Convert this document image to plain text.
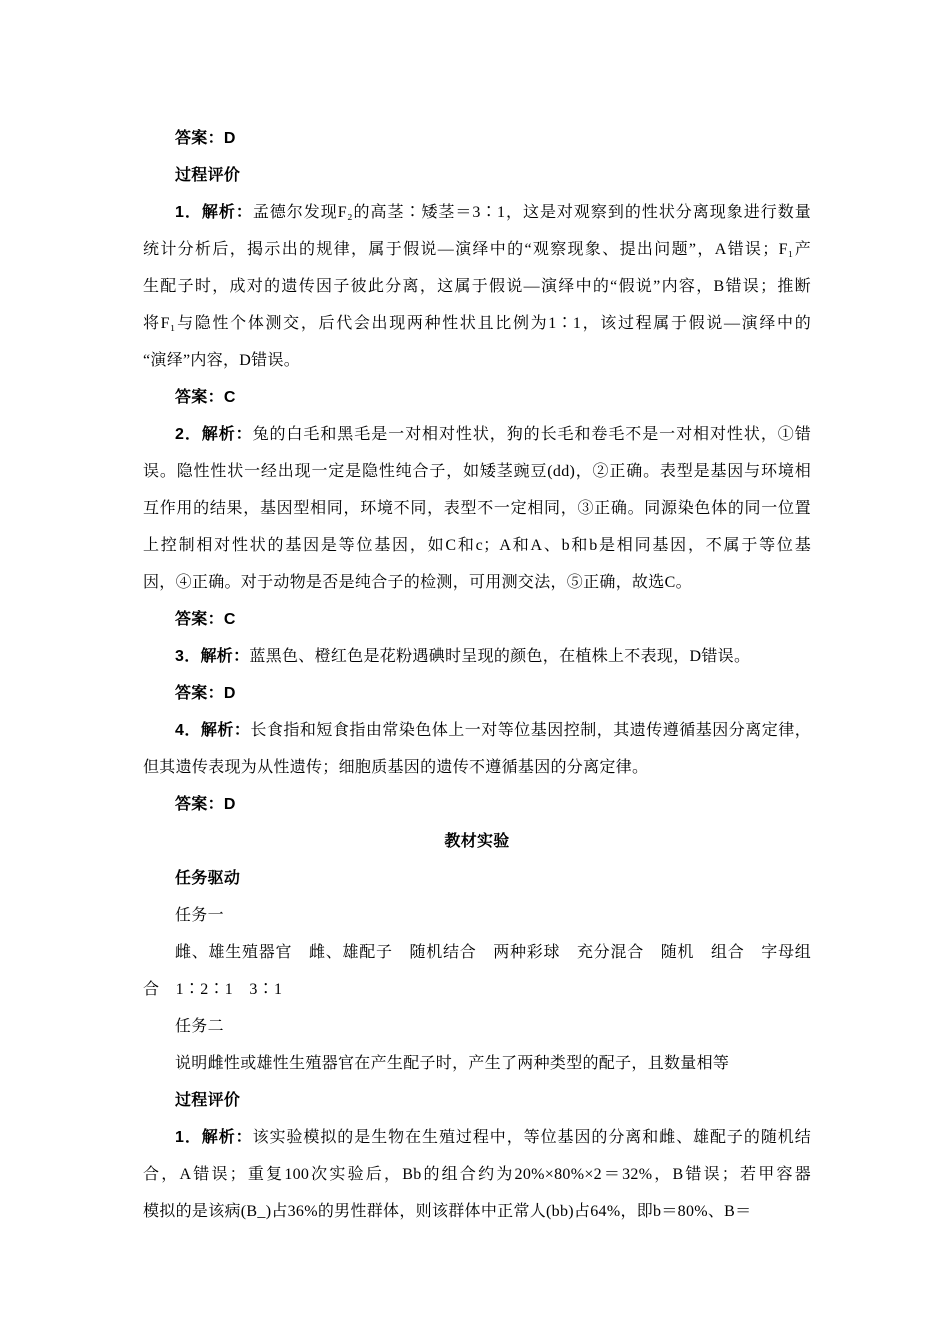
答案：D
过程评价
1．解析：孟德尔发现F₂的高茎∶矮茎＝3∶1，这是对观察到的性状分离现象进行数量
统计分析后，揭示出的规律，属于假说—演绎中的“观察现象、提出问题”，A错误；F₁产
生配子时，成对的遗传因子彼此分离，这属于假说—演绎中的“假说”内容，B错误；推断
将F₁与隐性个体测交，后代会出现两种性状且比例为1∶1，该过程属于假说—演绎中的
“演绎”内容，D错误。
答案：C
2．解析：兔的白毛和黑毛是一对相对性状，狗的长毛和卷毛不是一对相对性状，①错
误。隐性性状一经出现一定是隐性纯合子，如矮茎豌豆(dd)，②正确。表型是基因与环境相
互作用的结果，基因型相同，环境不同，表型不一定相同，③正确。同源染色体的同一位置
上控制相对性状的基因是等位基因，如C和c；A和A、b和b是相同基因，不属于等位基
因，④正确。对于动物是否是纯合子的检测，可用测交法，⑤正确，故选C。
答案：C
3．解析：蓝黑色、橙红色是花粉遇碘时呈现的颜色，在植株上不表现，D错误。
答案：D
4．解析：长食指和短食指由常染色体上一对等位基因控制，其遗传遵循基因分离定律，
但其遗传表现为从性遗传；细胞质基因的遗传不遵循基因的分离定律。
答案：D
教材实验
任务驱动
任务一
雌、雄生殖器官　雌、雄配子　随机结合　两种彩球　充分混合　随机　组合　字母组
合　1∶2∶1　3∶1
任务二
说明雌性或雄性生殖器官在产生配子时，产生了两种类型的配子，且数量相等
过程评价
1．解析：该实验模拟的是生物在生殖过程中，等位基因的分离和雌、雄配子的随机结
合，A错误；重复100次实验后，Bb的组合约为20%×80%×2＝32%，B错误；若甲容器
模拟的是该病(B_)占36%的男性群体，则该群体中正常人(bb)占64%，即b＝80%、B＝
